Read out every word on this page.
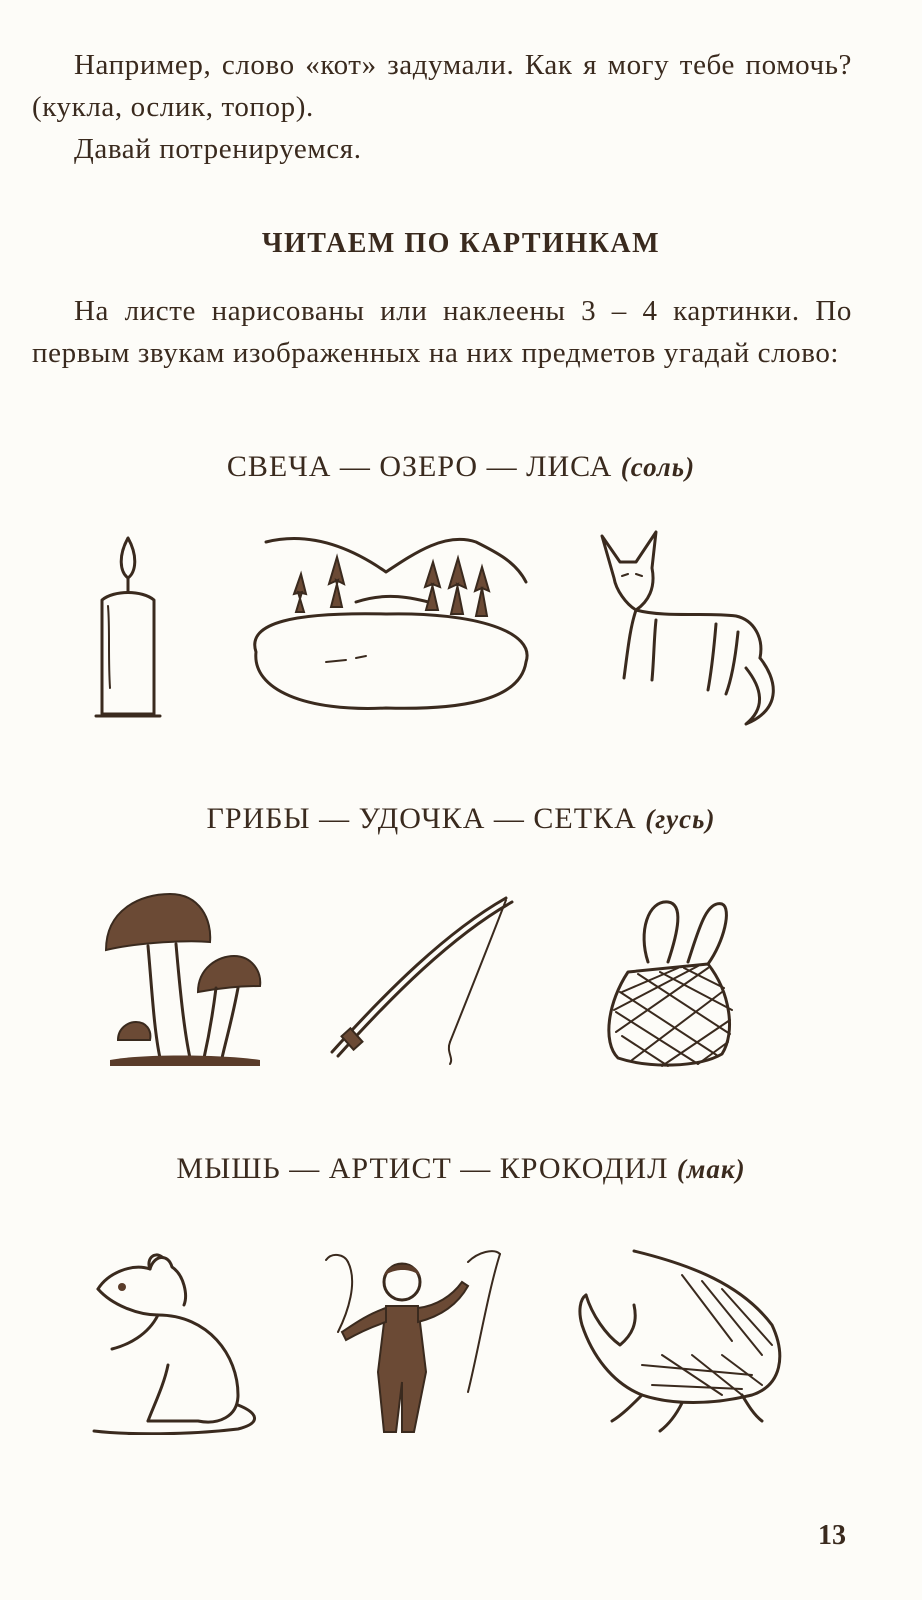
Например, слово «кот» задумали. Как я могу тебе помочь? (кукла, ослик, топор).

Давай потренируемся.

ЧИТАЕМ ПО КАРТИНКАМ

На листе нарисованы или наклеены 3 – 4 картинки. По первым звукам изображенных на них предметов угадай слово:

СВЕЧА — ОЗЕРО — ЛИСА (соль)
ГРИБЫ — УДОЧКА — СЕТКА (гусь)
МЫШЬ — АРТИСТ — КРОКОДИЛ (мак)
13
